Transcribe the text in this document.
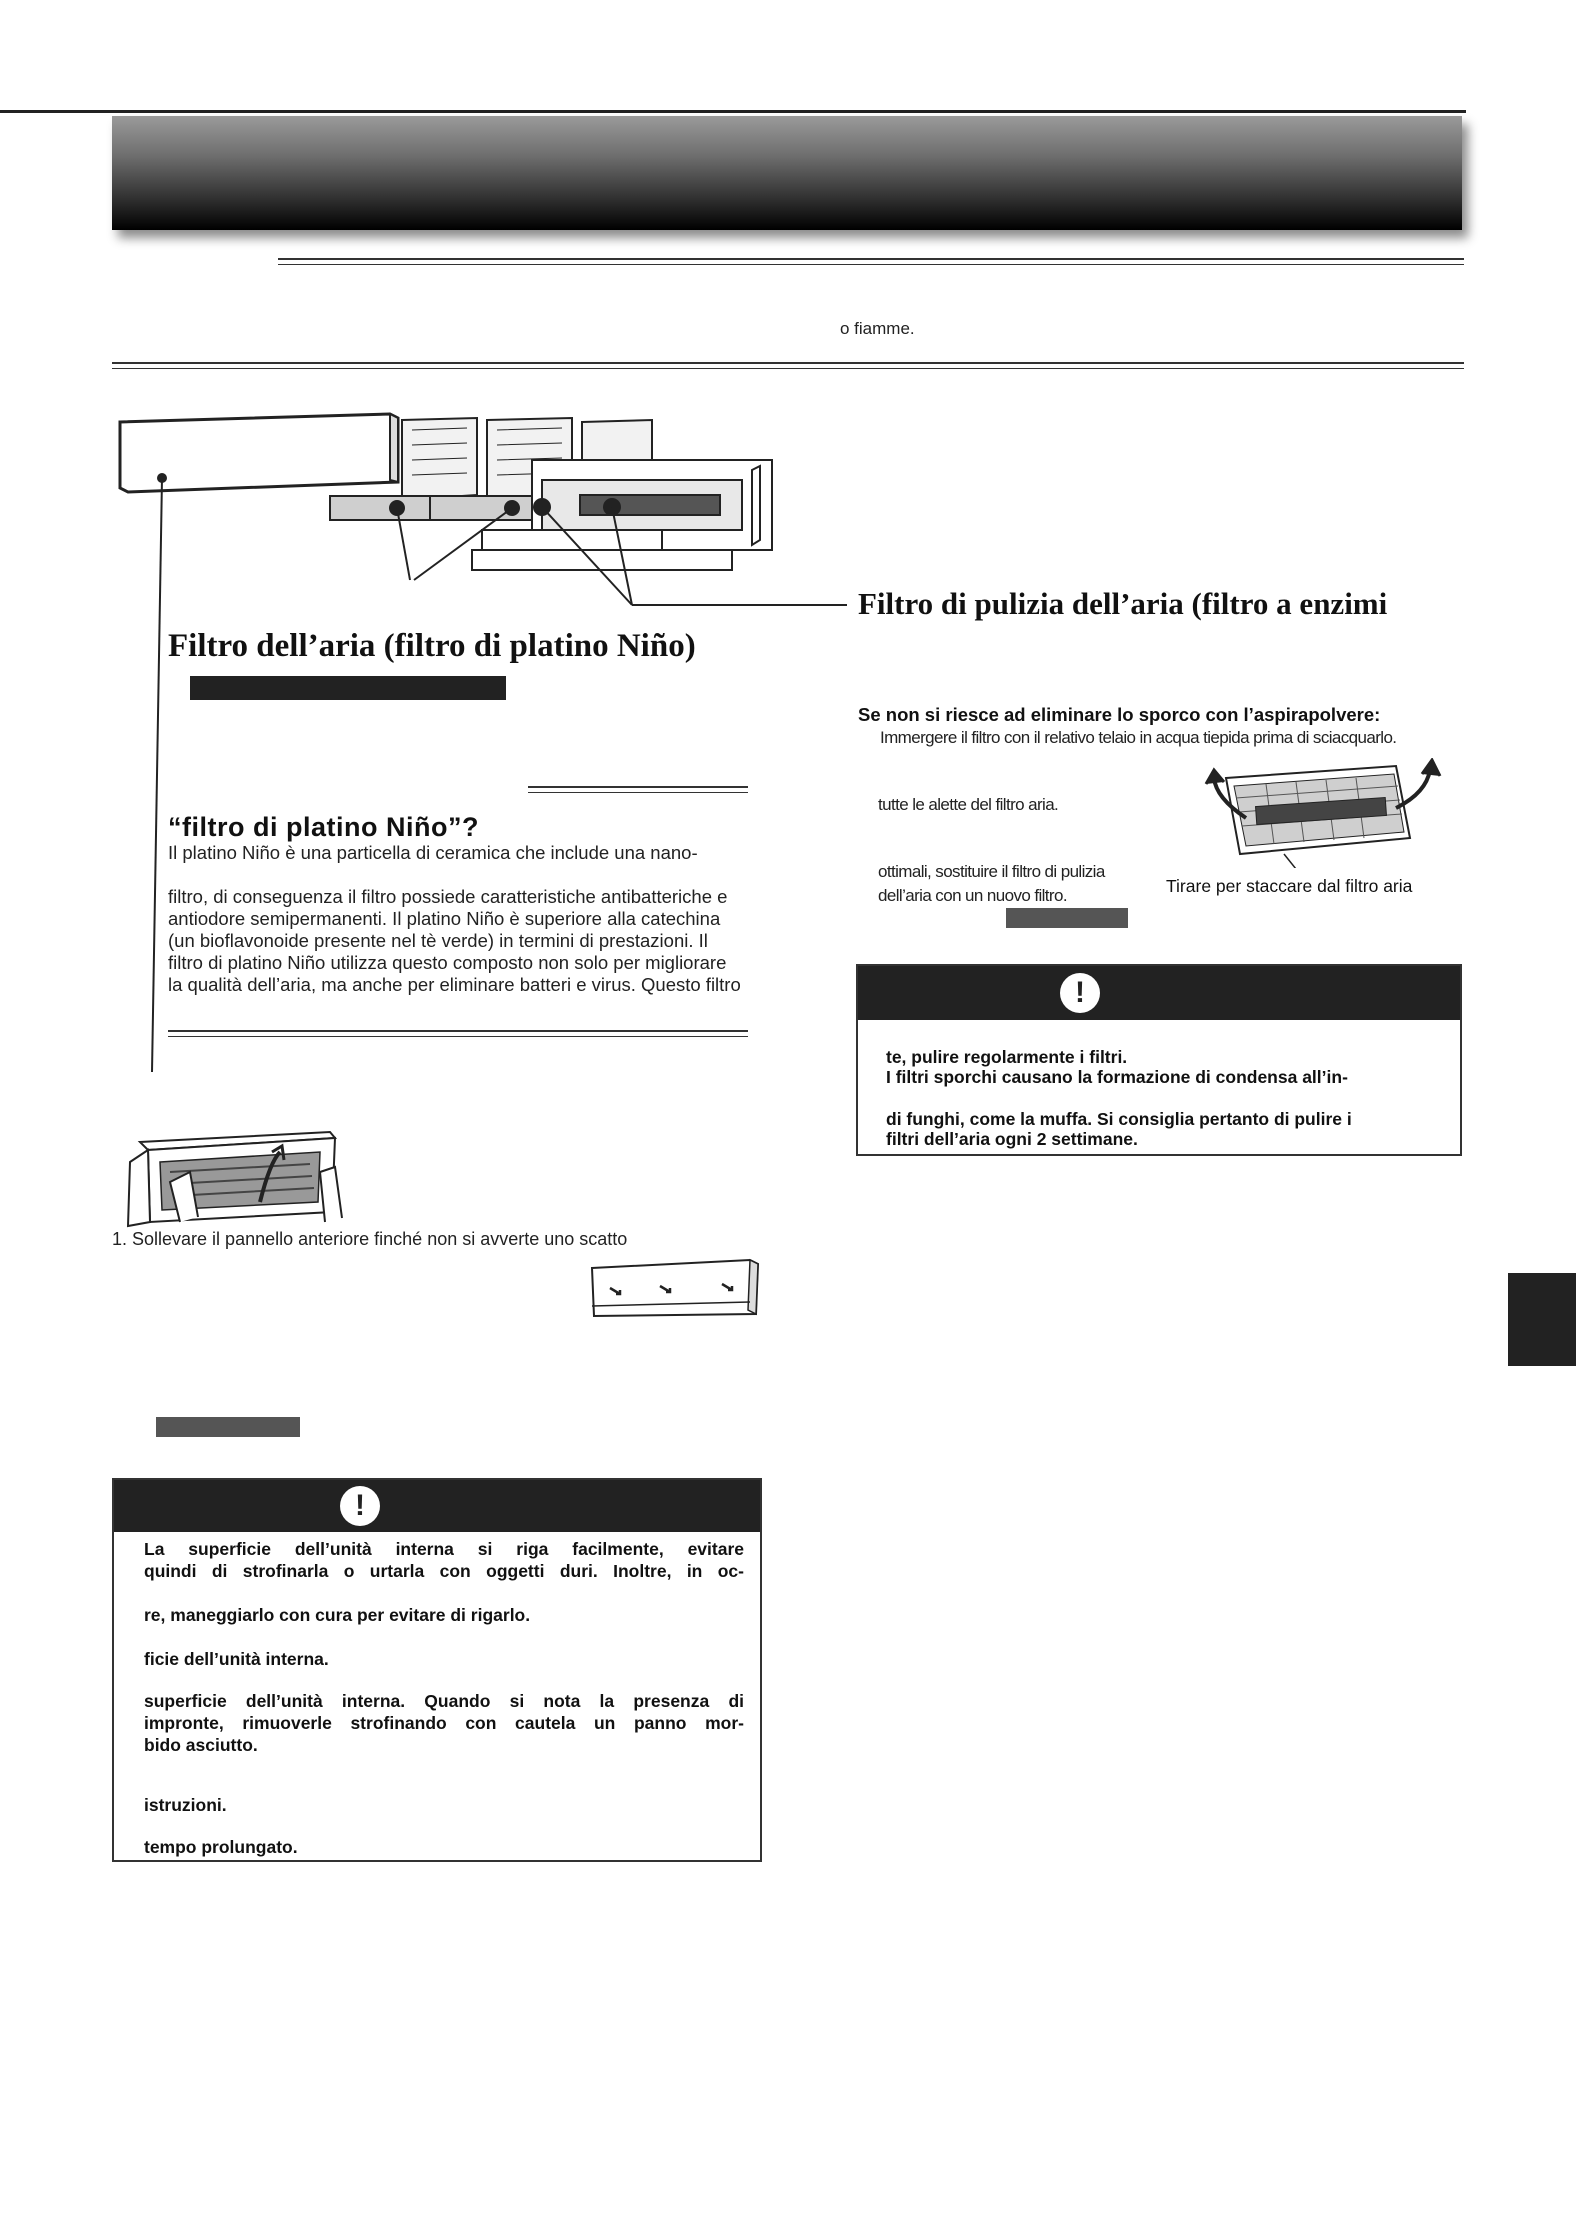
o fiamme.
Filtro dell’aria (filtro di platino Niño)
Filtro di pulizia dell’aria (filtro a enzimi
“filtro di platino Niño”?
Il platino Niño è una particella di ceramica che include una nano-
filtro, di conseguenza il filtro possiede caratteristiche antibatteriche e
antiodore semipermanenti. Il platino Niño è superiore alla catechina
(un bioflavonoide presente nel tè verde) in termini di prestazioni. Il
filtro di platino Niño utilizza questo composto non solo per migliorare
la qualità dell’aria, ma anche per eliminare batteri e virus. Questo filtro
1. Sollevare il pannello anteriore finché non si avverte uno scatto
!
La superficie dell’unità interna si riga facilmente, evitare
quindi di strofinarla o urtarla con oggetti duri. Inoltre, in oc-
re, maneggiarlo con cura per evitare di rigarlo.
ficie dell’unità interna.
superficie dell’unità interna. Quando si nota la presenza di
impronte, rimuoverle strofinando con cautela un panno mor-
bido asciutto.
istruzioni.
tempo prolungato.
Se non si riesce ad eliminare lo sporco con l’aspirapolvere:
Immergere il filtro con il relativo telaio in acqua tiepida prima di sciacquarlo.
tutte le alette del filtro aria.
ottimali, sostituire il filtro di pulizia
dell’aria con un nuovo filtro.	Tirare per staccare dal filtro aria
!
te, pulire regolarmente i filtri.
I filtri sporchi causano la formazione di condensa all’in-
di funghi, come la muffa. Si consiglia pertanto di pulire i
filtri dell’aria ogni 2 settimane.
